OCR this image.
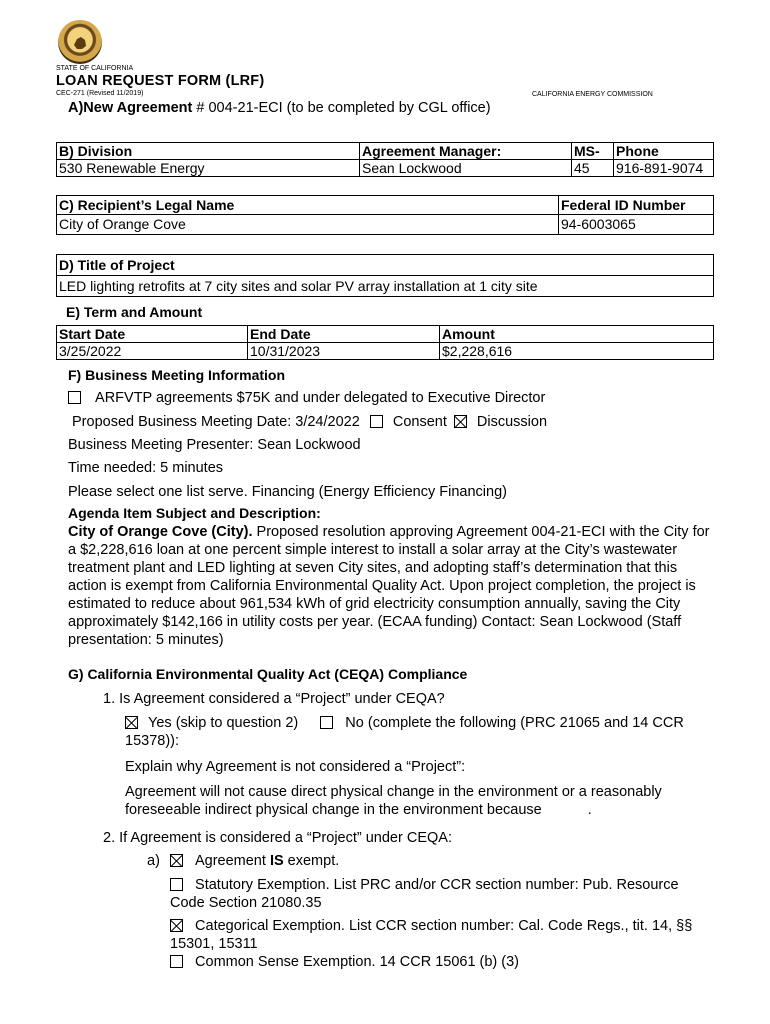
STATE OF CALIFORNIA
LOAN REQUEST FORM (LRF)
CEC-271 (Revised 11/2019)	CALIFORNIA ENERGY COMMISSION
A)New Agreement # 004-21-ECI (to be completed by CGL office)
B) Division	Agreement Manager:	MS-	Phone
530 Renewable Energy	Sean Lockwood	45	916-891-9074
C) Recipient’s Legal Name	Federal ID Number
City of Orange Cove	94-6003065
D) Title of Project
LED lighting retrofits at 7 city sites and solar PV array installation at 1 city site
E) Term and Amount
Start Date	End Date	Amount
3/25/2022	10/31/2023	$2,228,616
F) Business Meeting Information
ARFVTP agreements $75K and under delegated to Executive Director
Proposed Business Meeting Date: 3/24/2022 Consent Discussion
Business Meeting Presenter: Sean Lockwood
Time needed: 5 minutes
Please select one list serve. Financing (Energy Efficiency Financing)
Agenda Item Subject and Description:
City of Orange Cove (City). Proposed resolution approving Agreement 004-21-ECI with the City for a $2,228,616 loan at one percent simple interest to install a solar array at the City’s wastewater treatment plant and LED lighting at seven City sites, and adopting staff’s determination that this action is exempt from California Environmental Quality Act. Upon project completion, the project is estimated to reduce about 961,534 kWh of grid electricity consumption annually, saving the City approximately $142,166 in utility costs per year. (ECAA funding) Contact: Sean Lockwood (Staff presentation: 5 minutes)
G) California Environmental Quality Act (CEQA) Compliance
1. Is Agreement considered a “Project” under CEQA?
Yes (skip to question 2)	No (complete the following (PRC 21065 and 14 CCR
15378)):
Explain why Agreement is not considered a “Project”:
Agreement will not cause direct physical change in the environment or a reasonably
foreseeable indirect physical change in the environment because	.
2. If Agreement is considered a “Project” under CEQA:
a) Agreement IS exempt.
Statutory Exemption. List PRC and/or CCR section number: Pub. Resource
Code Section 21080.35
Categorical Exemption. List CCR section number: Cal. Code Regs., tit. 14, §§
15301, 15311
Common Sense Exemption. 14 CCR 15061 (b) (3)
